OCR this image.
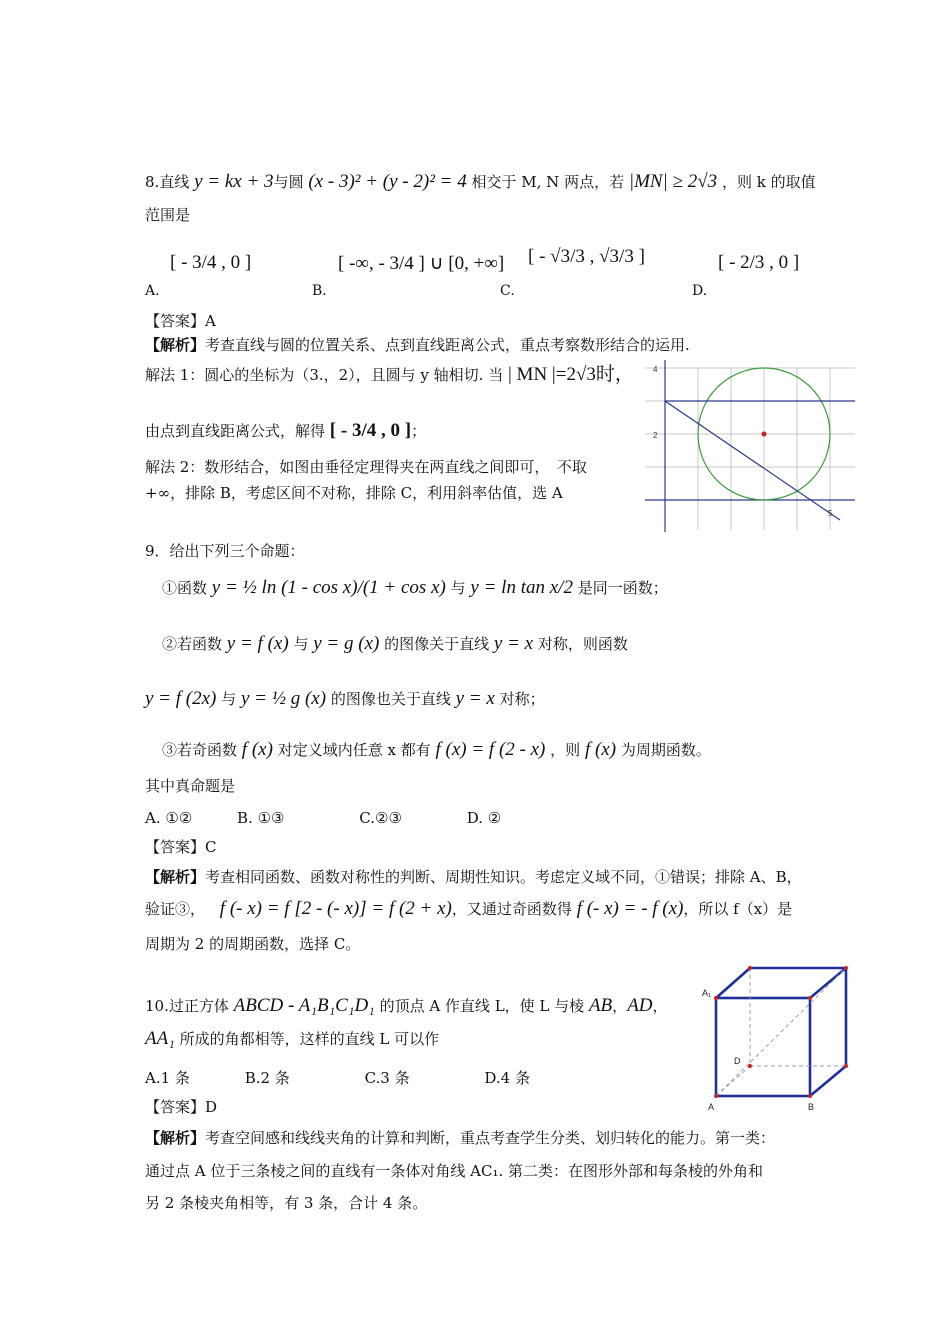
8.直线 y = kx + 3与圆 (x - 3)² + (y - 2)² = 4 相交于 M, N 两点，若 |MN| ≥ 2√3 ，则 k 的取值
范围是
A.
[ - 3/4 , 0 ]
B.
[ -∞, - 3/4 ] ∪ [0, +∞]
C.
[ - √3/3 , √3/3 ]
D.
[ - 2/3 , 0 ]
【答案】A
【解析】考查直线与圆的位置关系、点到直线距离公式，重点考察数形结合的运用.
解法 1：圆心的坐标为（3.，2），且圆与 y 轴相切. 当 | MN |=2√3时，
由点到直线距离公式，解得 [ - 3/4 , 0 ]；
解法 2：数形结合，如图由垂径定理得夹在两直线之间即可，　不取
+∞，排除 B，考虑区间不对称，排除 C，利用斜率估值，选 A
4
2
5
9．给出下列三个命题：
①函数 y = ½ ln (1 - cos x)/(1 + cos x) 与 y = ln tan x/2 是同一函数；
②若函数 y = f (x) 与 y = g (x) 的图像关于直线 y = x 对称，则函数
y = f (2x) 与 y = ½ g (x) 的图像也关于直线 y = x 对称；
③若奇函数 f (x) 对定义域内任意 x 都有 f (x) = f (2 - x) ，则 f (x) 为周期函数。
其中真命题是
A. ①②	B. ①③	C.②③	D. ②
【答案】C
【解析】考查相同函数、函数对称性的判断、周期性知识。考虑定义域不同，①错误；排除 A、B，
验证③， f (- x) = f [2 - (- x)] = f (2 + x)，又通过奇函数得 f (- x) = - f (x)，所以 f（x）是
周期为 2 的周期函数，选择 C。
10.过正方体 ABCD - A₁B₁C₁D₁ 的顶点 A 作直线 L，使 L 与棱 AB，AD，
AA₁ 所成的角都相等，这样的直线 L 可以作
A.1 条	B.2 条	C.3 条	D.4 条
【答案】D
【解析】考查空间感和线线夹角的计算和判断，重点考查学生分类、划归转化的能力。第一类：
通过点 A 位于三条棱之间的直线有一条体对角线 AC₁. 第二类：在图形外部和每条棱的外角和
另 2 条棱夹角相等，有 3 条，合计 4 条。
A₁
D
A	B
